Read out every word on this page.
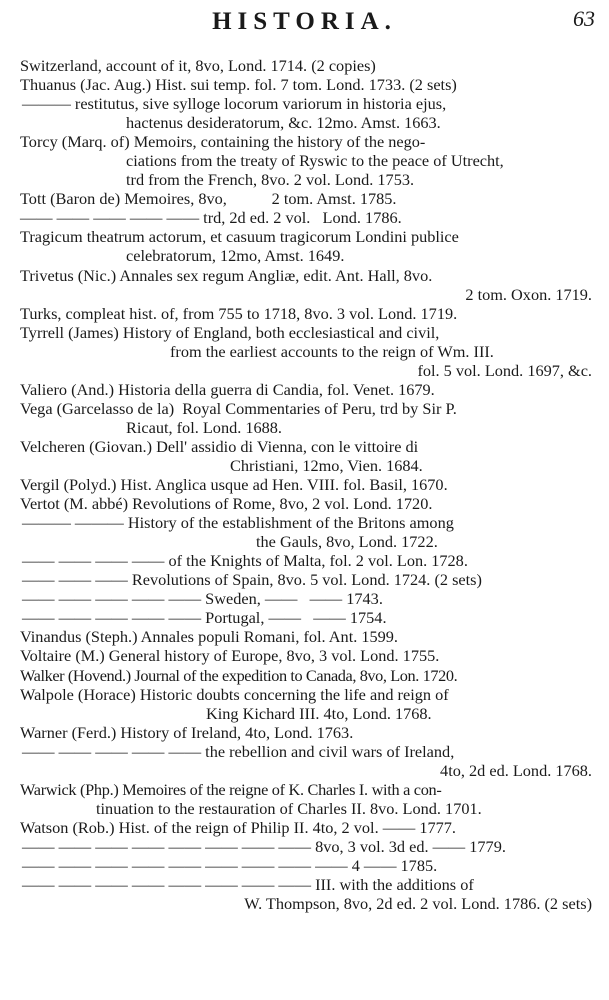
HISTORIA.	63
Switzerland, account of it, 8vo, Lond. 1714. (2 copies)
Thuanus (Jac. Aug.) Hist. sui temp. fol. 7 tom. Lond. 1733. (2 sets)
——— restitutus, sive sylloge locorum variorum in historia ejus,
hactenus desideratorum, &c. 12mo. Amst. 1663.
Torcy (Marq. of) Memoirs, containing the history of the nego-
ciations from the treaty of Ryswic to the peace of Utrecht,
trd from the French, 8vo. 2 vol. Lond. 1753.
Tott (Baron de) Memoires, 8vo,           2 tom. Amst. 1785.
—— —— —— —— —— trd, 2d ed. 2 vol.   Lond. 1786.
Tragicum theatrum actorum, et casuum tragicorum Londini publice
celebratorum, 12mo, Amst. 1649.
Trivetus (Nic.) Annales sex regum Angliæ, edit. Ant. Hall, 8vo.
2 tom. Oxon. 1719.
Turks, compleat hist. of, from 755 to 1718, 8vo. 3 vol. Lond. 1719.
Tyrrell (James) History of England, both ecclesiastical and civil,
from the earliest accounts to the reign of Wm. III.
fol. 5 vol. Lond. 1697, &c.
Valiero (And.) Historia della guerra di Candia, fol. Venet. 1679.
Vega (Garcelasso de la)  Royal Commentaries of Peru, trd by Sir P.
Ricaut, fol. Lond. 1688.
Velcheren (Giovan.) Dell' assidio di Vienna, con le vittoire di
Christiani, 12mo, Vien. 1684.
Vergil (Polyd.) Hist. Anglica usque ad Hen. VIII. fol. Basil, 1670.
Vertot (M. abbé) Revolutions of Rome, 8vo, 2 vol. Lond. 1720.
——— ——— History of the establishment of the Britons among
the Gauls, 8vo, Lond. 1722.
—— —— —— —— of the Knights of Malta, fol. 2 vol. Lon. 1728.
—— —— —— Revolutions of Spain, 8vo. 5 vol. Lond. 1724. (2 sets)
—— —— —— —— —— Sweden, ——   —— 1743.
—— —— —— —— —— Portugal, ——   —— 1754.
Vinandus (Steph.) Annales populi Romani, fol. Ant. 1599.
Voltaire (M.) General history of Europe, 8vo, 3 vol. Lond. 1755.
Walker (Hovend.) Journal of the expedition to Canada, 8vo, Lon. 1720.
Walpole (Horace) Historic doubts concerning the life and reign of
King Kichard III. 4to, Lond. 1768.
Warner (Ferd.) History of Ireland, 4to, Lond. 1763.
—— —— —— —— —— the rebellion and civil wars of Ireland,
4to, 2d ed. Lond. 1768.
Warwick (Php.) Memoires of the reigne of K. Charles I. with a con-
tinuation to the restauration of Charles II. 8vo. Lond. 1701.
Watson (Rob.) Hist. of the reign of Philip II. 4to, 2 vol. —— 1777.
—— —— —— —— —— —— —— —— 8vo, 3 vol. 3d ed. —— 1779.
—— —— —— —— —— —— —— —— —— 4 —— 1785.
—— —— —— —— —— —— —— —— III. with the additions of
W. Thompson, 8vo, 2d ed. 2 vol. Lond. 1786. (2 sets)
